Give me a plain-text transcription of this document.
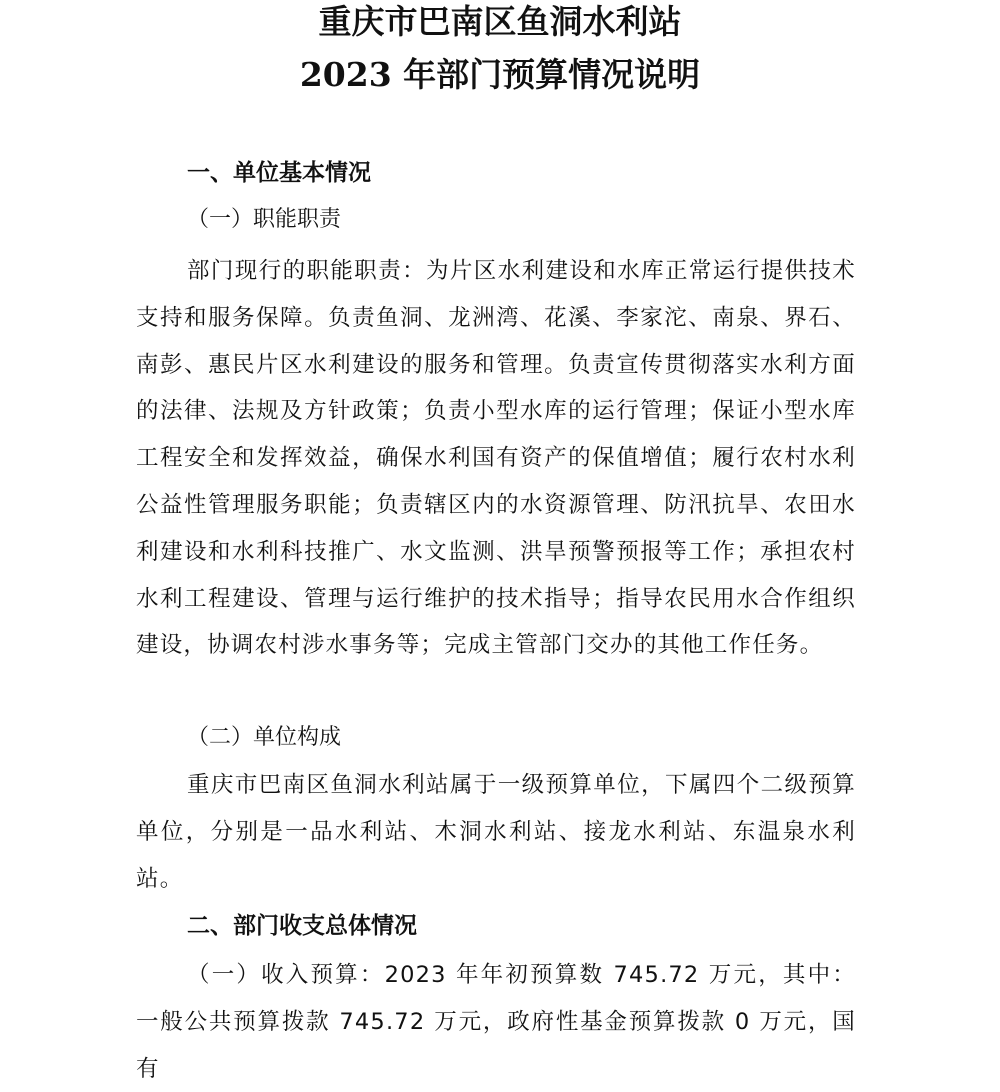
重庆市巴南区鱼洞水利站
2023 年部门预算情况说明
一、单位基本情况
（一）职能职责

部门现行的职能职责：为片区水利建设和水库正常运行提供技术支持和服务保障。负责鱼洞、龙洲湾、花溪、李家沱、南泉、界石、南彭、惠民片区水利建设的服务和管理。负责宣传贯彻落实水利方面的法律、法规及方针政策；负责小型水库的运行管理；保证小型水库工程安全和发挥效益，确保水利国有资产的保值增值；履行农村水利公益性管理服务职能；负责辖区内的水资源管理、防汛抗旱、农田水利建设和水利科技推广、水文监测、洪旱预警预报等工作；承担农村水利工程建设、管理与运行维护的技术指导；指导农民用水合作组织建设，协调农村涉水事务等；完成主管部门交办的其他工作任务。

（二）单位构成

重庆市巴南区鱼洞水利站属于一级预算单位，下属四个二级预算单位，分别是一品水利站、木洞水利站、接龙水利站、东温泉水利站。

二、部门收支总体情况

（一）收入预算：2023 年年初预算数 745.72 万元，其中：一般公共预算拨款 745.72 万元，政府性基金预算拨款 0 万元，国有
